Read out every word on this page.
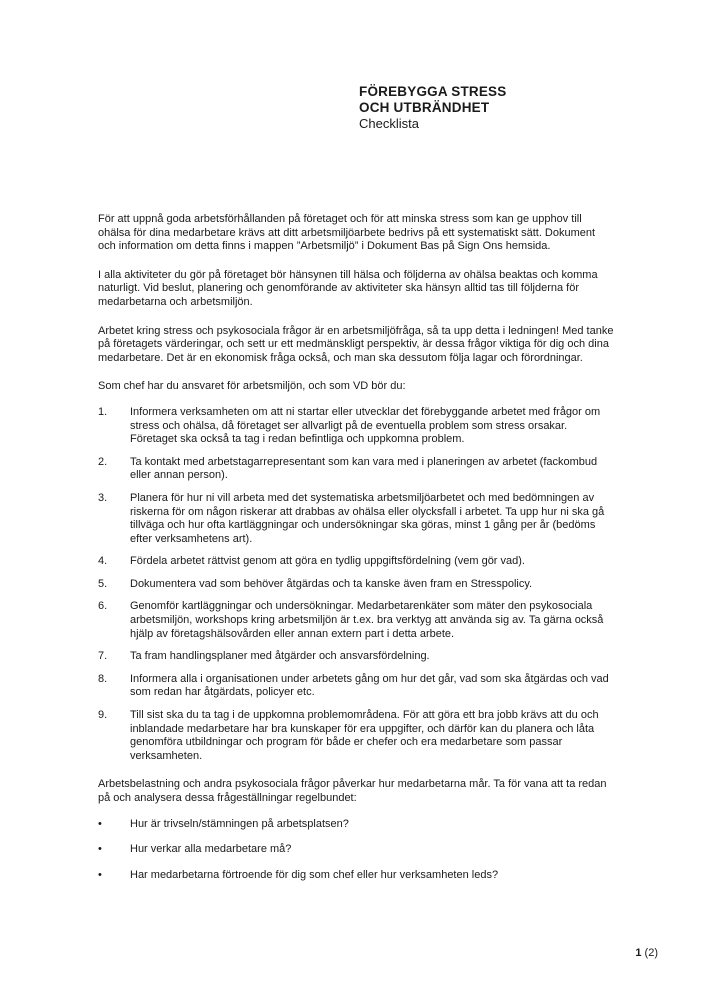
FÖREBYGGA STRESS
OCH UTBRÄNDHET
Checklista

För att uppnå goda arbetsförhållanden på företaget och för att minska stress som kan ge upphov till ohälsa för dina medarbetare krävs att ditt arbetsmiljöarbete bedrivs på ett systematiskt sätt. Dokument och information om detta finns i mappen ”Arbetsmiljö” i Dokument Bas på Sign Ons hemsida.

I alla aktiviteter du gör på företaget bör hänsynen till hälsa och följderna av ohälsa beaktas och komma naturligt. Vid beslut, planering och genomförande av aktiviteter ska hänsyn alltid tas till följderna för medarbetarna och arbetsmiljön.

Arbetet kring stress och psykosociala frågor är en arbetsmiljöfråga, så ta upp detta i ledningen! Med tanke på företagets värderingar, och sett ur ett medmänskligt perspektiv, är dessa frågor viktiga för dig och dina medarbetare. Det är en ekonomisk fråga också, och man ska dessutom följa lagar och förordningar.

Som chef har du ansvaret för arbetsmiljön, och som VD bör du:

1.	Informera verksamheten om att ni startar eller utvecklar det förebyggande arbetet med frågor om stress och ohälsa, då företaget ser allvarligt på de eventuella problem som stress orsakar. Företaget ska också ta tag i redan befintliga och uppkomna problem.
2.	Ta kontakt med arbetstagarrepresentant som kan vara med i planeringen av arbetet (fackombud eller annan person).
3.	Planera för hur ni vill arbeta med det systematiska arbetsmiljöarbetet och med bedömningen av riskerna för om någon riskerar att drabbas av ohälsa eller olycksfall i arbetet. Ta upp hur ni ska gå tillväga och hur ofta kartläggningar och undersökningar ska göras, minst 1 gång per år (bedöms efter verksamhetens art).
4.	Fördela arbetet rättvist genom att göra en tydlig uppgiftsfördelning (vem gör vad).
5.	Dokumentera vad som behöver åtgärdas och ta kanske även fram en Stresspolicy.
6.	Genomför kartläggningar och undersökningar. Medarbetarenkäter som mäter den psykosociala arbetsmiljön, workshops kring arbetsmiljön är t.ex. bra verktyg att använda sig av. Ta gärna också hjälp av företagshälsovården eller annan extern part i detta arbete.
7.	Ta fram handlingsplaner med åtgärder och ansvarsfördelning.
8.	Informera alla i organisationen under arbetets gång om hur det går, vad som ska åtgärdas och vad som redan har åtgärdats, policyer etc.
9.	Till sist ska du ta tag i de uppkomna problemområdena. För att göra ett bra jobb krävs att du och inblandade medarbetare har bra kunskaper för era uppgifter, och därför kan du planera och låta genomföra utbildningar och program för både er chefer och era medarbetare som passar verksamheten.

Arbetsbelastning och andra psykosociala frågor påverkar hur medarbetarna mår. Ta för vana att ta redan på och analysera dessa frågeställningar regelbundet:

•	Hur är trivseln/stämningen på arbetsplatsen?
•	Hur verkar alla medarbetare må?
•	Har medarbetarna förtroende för dig som chef eller hur verksamheten leds?
1 (2)
